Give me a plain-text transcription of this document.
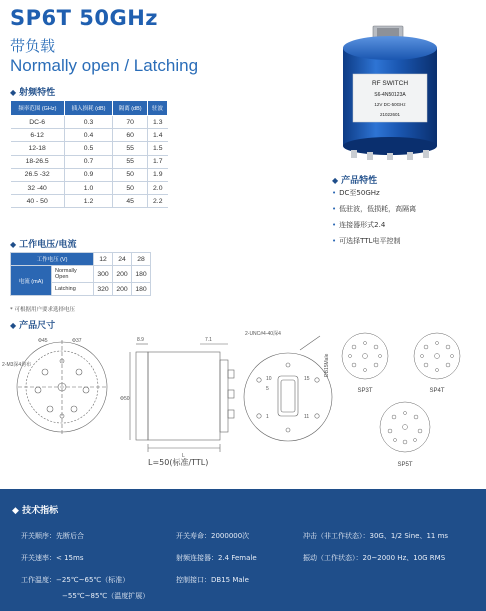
SP6T 50GHz
带负载
Normally open / Latching
◆ 射频特性
频率范围 (GHz)	插入损耗 (dB)	隔离 (dB)	驻波
DC-6	0.3	70	1.3
6-12	0.4	60	1.4
12-18	0.5	55	1.5
18-26.5	0.7	55	1.7
26.5 -32	0.9	50	1.9
32 -40	1.0	50	2.0
40 - 50	1.2	45	2.2
◆ 工作电压/电流
工作电压 (V)		12	24	28
电流 (mA)	Normally Open	300	200	180
	Latching	320	200	180
* 可根据用户要求选择电压
RF SWITCH
S6-4N50123A
12V DC-50GHz
21022601
◆ 产品特性
• DC至50GHz
• 低驻波，低损耗，高隔离
• 连接器形式2.4
• 可选择TTL电平控制
◆ 产品尺寸
Φ45	Φ37
2-M3深4均布
8.9	7.1
Φ50
L
2-UNC#4-40深4
DB15Male
10	15
11
5
1
SP3T	SP4T
SP5T
L=50(标准/TTL)
◆ 技术指标
开关顺序：先断后合	开关寿命：2000000次	冲击（非工作状态）：30G、1/2 Sine、11 ms
开关速率：< 15ms	射频连接器：2.4 Female	振动（工作状态）：20~2000 Hz、10G RMS
工作温度：−25℃~65℃（标准）	控制接口：DB15 Male
−55℃~85℃（温度扩展）
